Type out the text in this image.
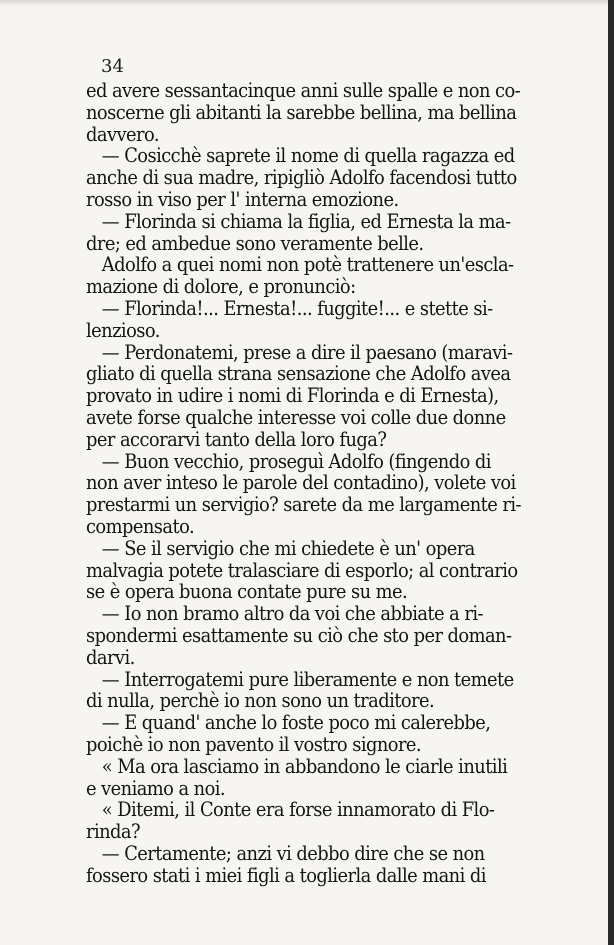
34
ed avere sessantacinque anni sulle spalle e non co-
noscerne gli abitanti la sarebbe bellina, ma bellina
davvero.
— Cosicchè saprete il nome di quella ragazza ed
anche di sua madre, ripigliò Adolfo facendosi tutto
rosso in viso per l' interna emozione.
— Florinda si chiama la figlia, ed Ernesta la ma-
dre; ed ambedue sono veramente belle.
Adolfo a quei nomi non potè trattenere un'escla-
mazione di dolore, e pronunciò:
— Florinda!... Ernesta!... fuggite!... e stette si-
lenzioso.
— Perdonatemi, prese a dire il paesano (maravi-
gliato di quella strana sensazione che Adolfo avea
provato in udire i nomi di Florinda e di Ernesta),
avete forse qualche interesse voi colle due donne
per accorarvi tanto della loro fuga?
— Buon vecchio, proseguì Adolfo (fingendo di
non aver inteso le parole del contadino), volete voi
prestarmi un servigio? sarete da me largamente ri-
compensato.
— Se il servigio che mi chiedete è un' opera
malvagia potete tralasciare di esporlo; al contrario
se è opera buona contate pure su me.
— Io non bramo altro da voi che abbiate a ri-
spondermi esattamente su ciò che sto per doman-
darvi.
— Interrogatemi pure liberamente e non temete
di nulla, perchè io non sono un traditore.
— E quand' anche lo foste poco mi calerebbe,
poichè io non pavento il vostro signore.
« Ma ora lasciamo in abbandono le ciarle inutili
e veniamo a noi.
« Ditemi, il Conte era forse innamorato di Flo-
rinda?
— Certamente; anzi vi debbo dire che se non
fossero stati i miei figli a toglierla dalle mani di
